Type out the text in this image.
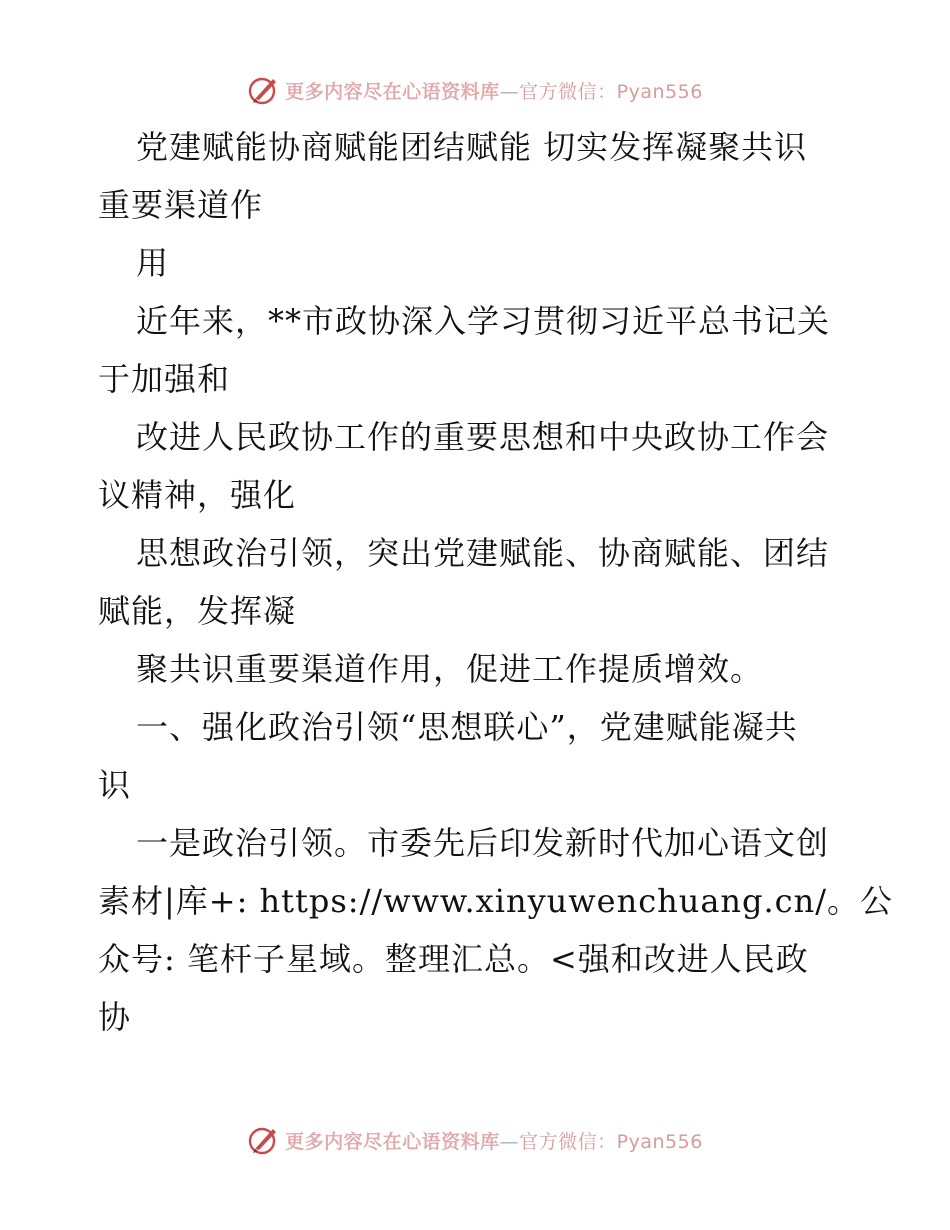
更多内容尽在心语资料库—官方微信：Pyan556
党建赋能协商赋能团结赋能 切实发挥凝聚共识
重要渠道作
用
近年来，**市政协深入学习贯彻习近平总书记关
于加强和
改进人民政协工作的重要思想和中央政协工作会
议精神，强化
思想政治引领，突出党建赋能、协商赋能、团结
赋能，发挥凝
聚共识重要渠道作用，促进工作提质增效。
一、强化政治引领“思想联心”，党建赋能凝共
识
一是政治引领。市委先后印发新时代加心语文创
素材|库+: https://www.xinyuwenchuang.cn/。公
众号: 笔杆子星域。整理汇总。<强和改进人民政
协
更多内容尽在心语资料库—官方微信：Pyan556
